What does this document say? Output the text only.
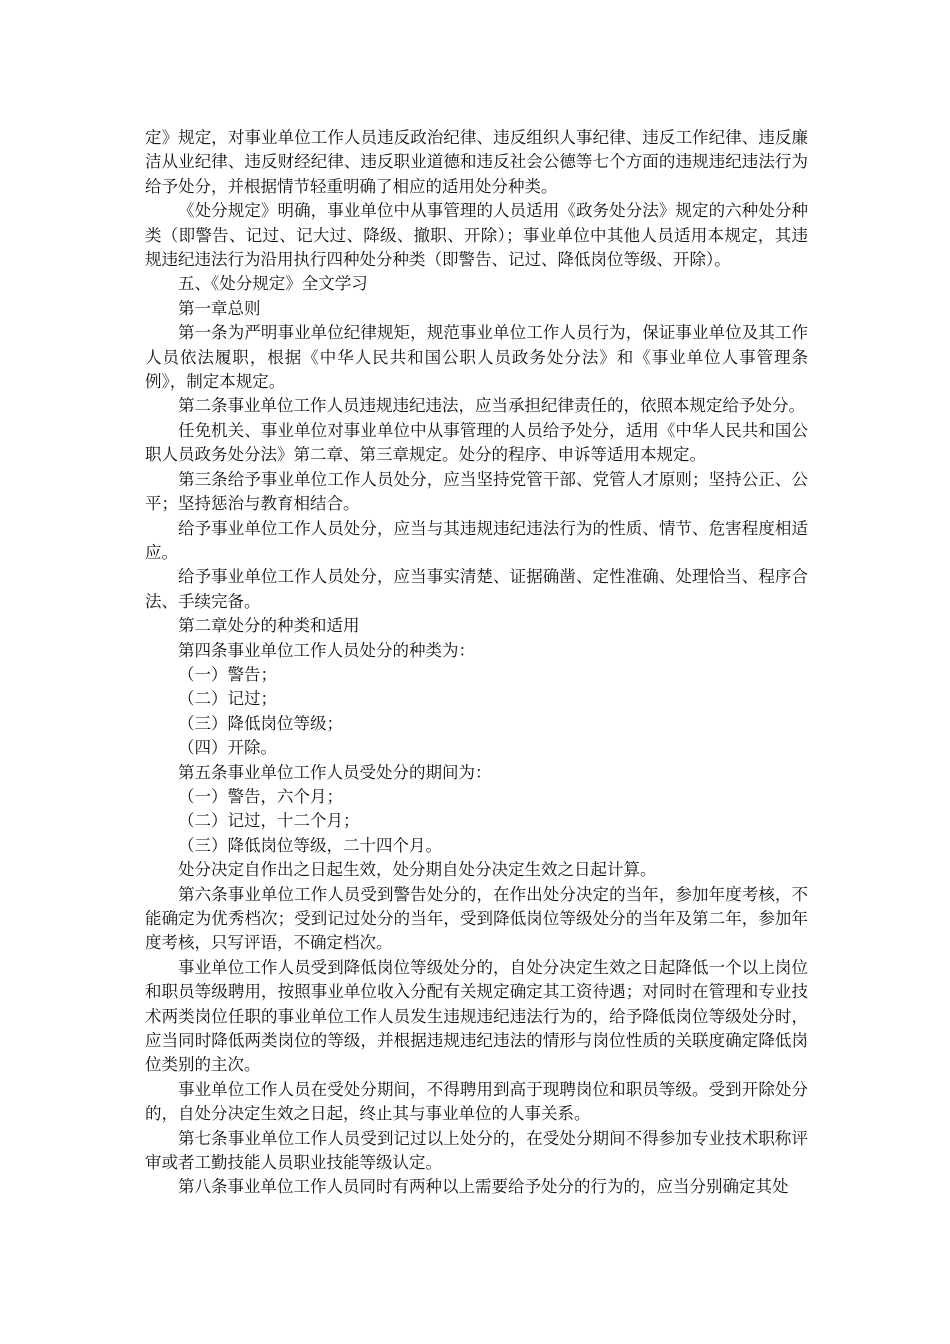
定》规定，对事业单位工作人员违反政治纪律、违反组织人事纪律、违反工作纪律、违反廉洁从业纪律、违反财经纪律、违反职业道德和违反社会公德等七个方面的违规违纪违法行为给予处分，并根据情节轻重明确了相应的适用处分种类。

《处分规定》明确，事业单位中从事管理的人员适用《政务处分法》规定的六种处分种类（即警告、记过、记大过、降级、撤职、开除）；事业单位中其他人员适用本规定，其违规违纪违法行为沿用执行四种处分种类（即警告、记过、降低岗位等级、开除）。

五、《处分规定》全文学习

第一章总则

第一条为严明事业单位纪律规矩，规范事业单位工作人员行为，保证事业单位及其工作人员依法履职，根据《中华人民共和国公职人员政务处分法》和《事业单位人事管理条例》，制定本规定。

第二条事业单位工作人员违规违纪违法，应当承担纪律责任的，依照本规定给予处分。

任免机关、事业单位对事业单位中从事管理的人员给予处分，适用《中华人民共和国公职人员政务处分法》第二章、第三章规定。处分的程序、申诉等适用本规定。

第三条给予事业单位工作人员处分，应当坚持党管干部、党管人才原则；坚持公正、公平；坚持惩治与教育相结合。

给予事业单位工作人员处分，应当与其违规违纪违法行为的性质、情节、危害程度相适应。

给予事业单位工作人员处分，应当事实清楚、证据确凿、定性准确、处理恰当、程序合法、手续完备。

第二章处分的种类和适用

第四条事业单位工作人员处分的种类为：

（一）警告；

（二）记过；

（三）降低岗位等级；

（四）开除。

第五条事业单位工作人员受处分的期间为：

（一）警告，六个月；

（二）记过，十二个月；

（三）降低岗位等级，二十四个月。

处分决定自作出之日起生效，处分期自处分决定生效之日起计算。

第六条事业单位工作人员受到警告处分的，在作出处分决定的当年，参加年度考核，不能确定为优秀档次；受到记过处分的当年，受到降低岗位等级处分的当年及第二年，参加年度考核，只写评语，不确定档次。

事业单位工作人员受到降低岗位等级处分的，自处分决定生效之日起降低一个以上岗位和职员等级聘用，按照事业单位收入分配有关规定确定其工资待遇；对同时在管理和专业技术两类岗位任职的事业单位工作人员发生违规违纪违法行为的，给予降低岗位等级处分时，应当同时降低两类岗位的等级，并根据违规违纪违法的情形与岗位性质的关联度确定降低岗位类别的主次。

事业单位工作人员在受处分期间，不得聘用到高于现聘岗位和职员等级。受到开除处分的，自处分决定生效之日起，终止其与事业单位的人事关系。

第七条事业单位工作人员受到记过以上处分的，在受处分期间不得参加专业技术职称评审或者工勤技能人员职业技能等级认定。

第八条事业单位工作人员同时有两种以上需要给予处分的行为的，应当分别确定其处
